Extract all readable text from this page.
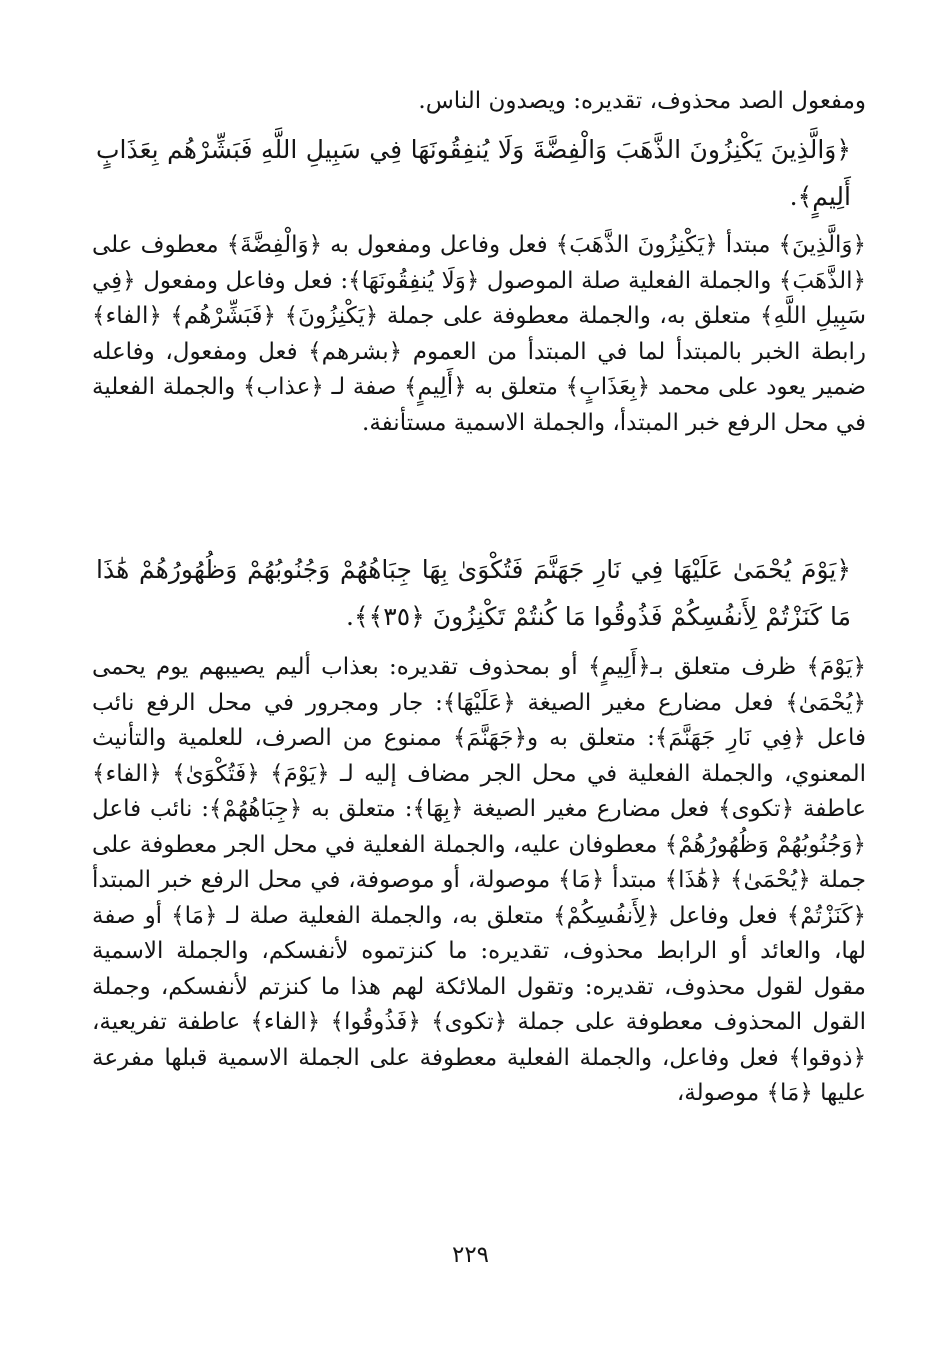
ومفعول الصد محذوف، تقديره: ويصدون الناس.

﴿وَالَّذِينَ يَكْنِزُونَ الذَّهَبَ وَالْفِضَّةَ وَلَا يُنفِقُونَهَا فِي سَبِيلِ اللَّهِ فَبَشِّرْهُم بِعَذَابٍ أَلِيمٍ﴾.

﴿وَالَّذِينَ﴾ مبتدأ ﴿يَكْنِزُونَ الذَّهَبَ﴾ فعل وفاعل ومفعول به ﴿وَالْفِضَّةَ﴾ معطوف على ﴿الذَّهَبَ﴾ والجملة الفعلية صلة الموصول ﴿وَلَا يُنفِقُونَهَا﴾: فعل وفاعل ومفعول ﴿فِي سَبِيلِ اللَّهِ﴾ متعلق به، والجملة معطوفة على جملة ﴿يَكْنِزُونَ﴾ ﴿فَبَشِّرْهُم﴾ ﴿الفاء﴾ رابطة الخبر بالمبتدأ لما في المبتدأ من العموم ﴿بشرهم﴾ فعل ومفعول، وفاعله ضمير يعود على محمد ﴿بِعَذَابٍ﴾ متعلق به ﴿أَلِيمٍ﴾ صفة لـ ﴿عذاب﴾ والجملة الفعلية في محل الرفع خبر المبتدأ، والجملة الاسمية مستأنفة.

﴿يَوْمَ يُحْمَىٰ عَلَيْهَا فِي نَارِ جَهَنَّمَ فَتُكْوَىٰ بِهَا جِبَاهُهُمْ وَجُنُوبُهُمْ وَظُهُورُهُمْ هَٰذَا مَا كَنَزْتُمْ لِأَنفُسِكُمْ فَذُوقُوا مَا كُنتُمْ تَكْنِزُونَ ﴿٣٥﴾﴾.

﴿يَوْمَ﴾ ظرف متعلق بـ﴿أَلِيمٍ﴾ أو بمحذوف تقديره: بعذاب أليم يصيبهم يوم يحمى ﴿يُحْمَىٰ﴾ فعل مضارع مغير الصيغة ﴿عَلَيْهَا﴾: جار ومجرور في محل الرفع نائب فاعل ﴿فِي نَارِ جَهَنَّمَ﴾: متعلق به و﴿جَهَنَّمَ﴾ ممنوع من الصرف، للعلمية والتأنيث المعنوي، والجملة الفعلية في محل الجر مضاف إليه لـ ﴿يَوْمَ﴾ ﴿فَتُكْوَىٰ﴾ ﴿الفاء﴾ عاطفة ﴿تكوى﴾ فعل مضارع مغير الصيغة ﴿بِهَا﴾: متعلق به ﴿جِبَاهُهُمْ﴾: نائب فاعل ﴿وَجُنُوبُهُمْ وَظُهُورُهُمْ﴾ معطوفان عليه، والجملة الفعلية في محل الجر معطوفة على جملة ﴿يُحْمَىٰ﴾ ﴿هَٰذَا﴾ مبتدأ ﴿مَا﴾ موصولة، أو موصوفة، في محل الرفع خبر المبتدأ ﴿كَنَزْتُمْ﴾ فعل وفاعل ﴿لِأَنفُسِكُمْ﴾ متعلق به، والجملة الفعلية صلة لـ ﴿مَا﴾ أو صفة لها، والعائد أو الرابط محذوف، تقديره: ما كنزتموه لأنفسكم، والجملة الاسمية مقول لقول محذوف، تقديره: وتقول الملائكة لهم هذا ما كنزتم لأنفسكم، وجملة القول المحذوف معطوفة على جملة ﴿تكوى﴾ ﴿فَذُوقُوا﴾ ﴿الفاء﴾ عاطفة تفريعية، ﴿ذوقوا﴾ فعل وفاعل، والجملة الفعلية معطوفة على الجملة الاسمية قبلها مفرعة عليها ﴿مَا﴾ موصولة،

٢٢٩
